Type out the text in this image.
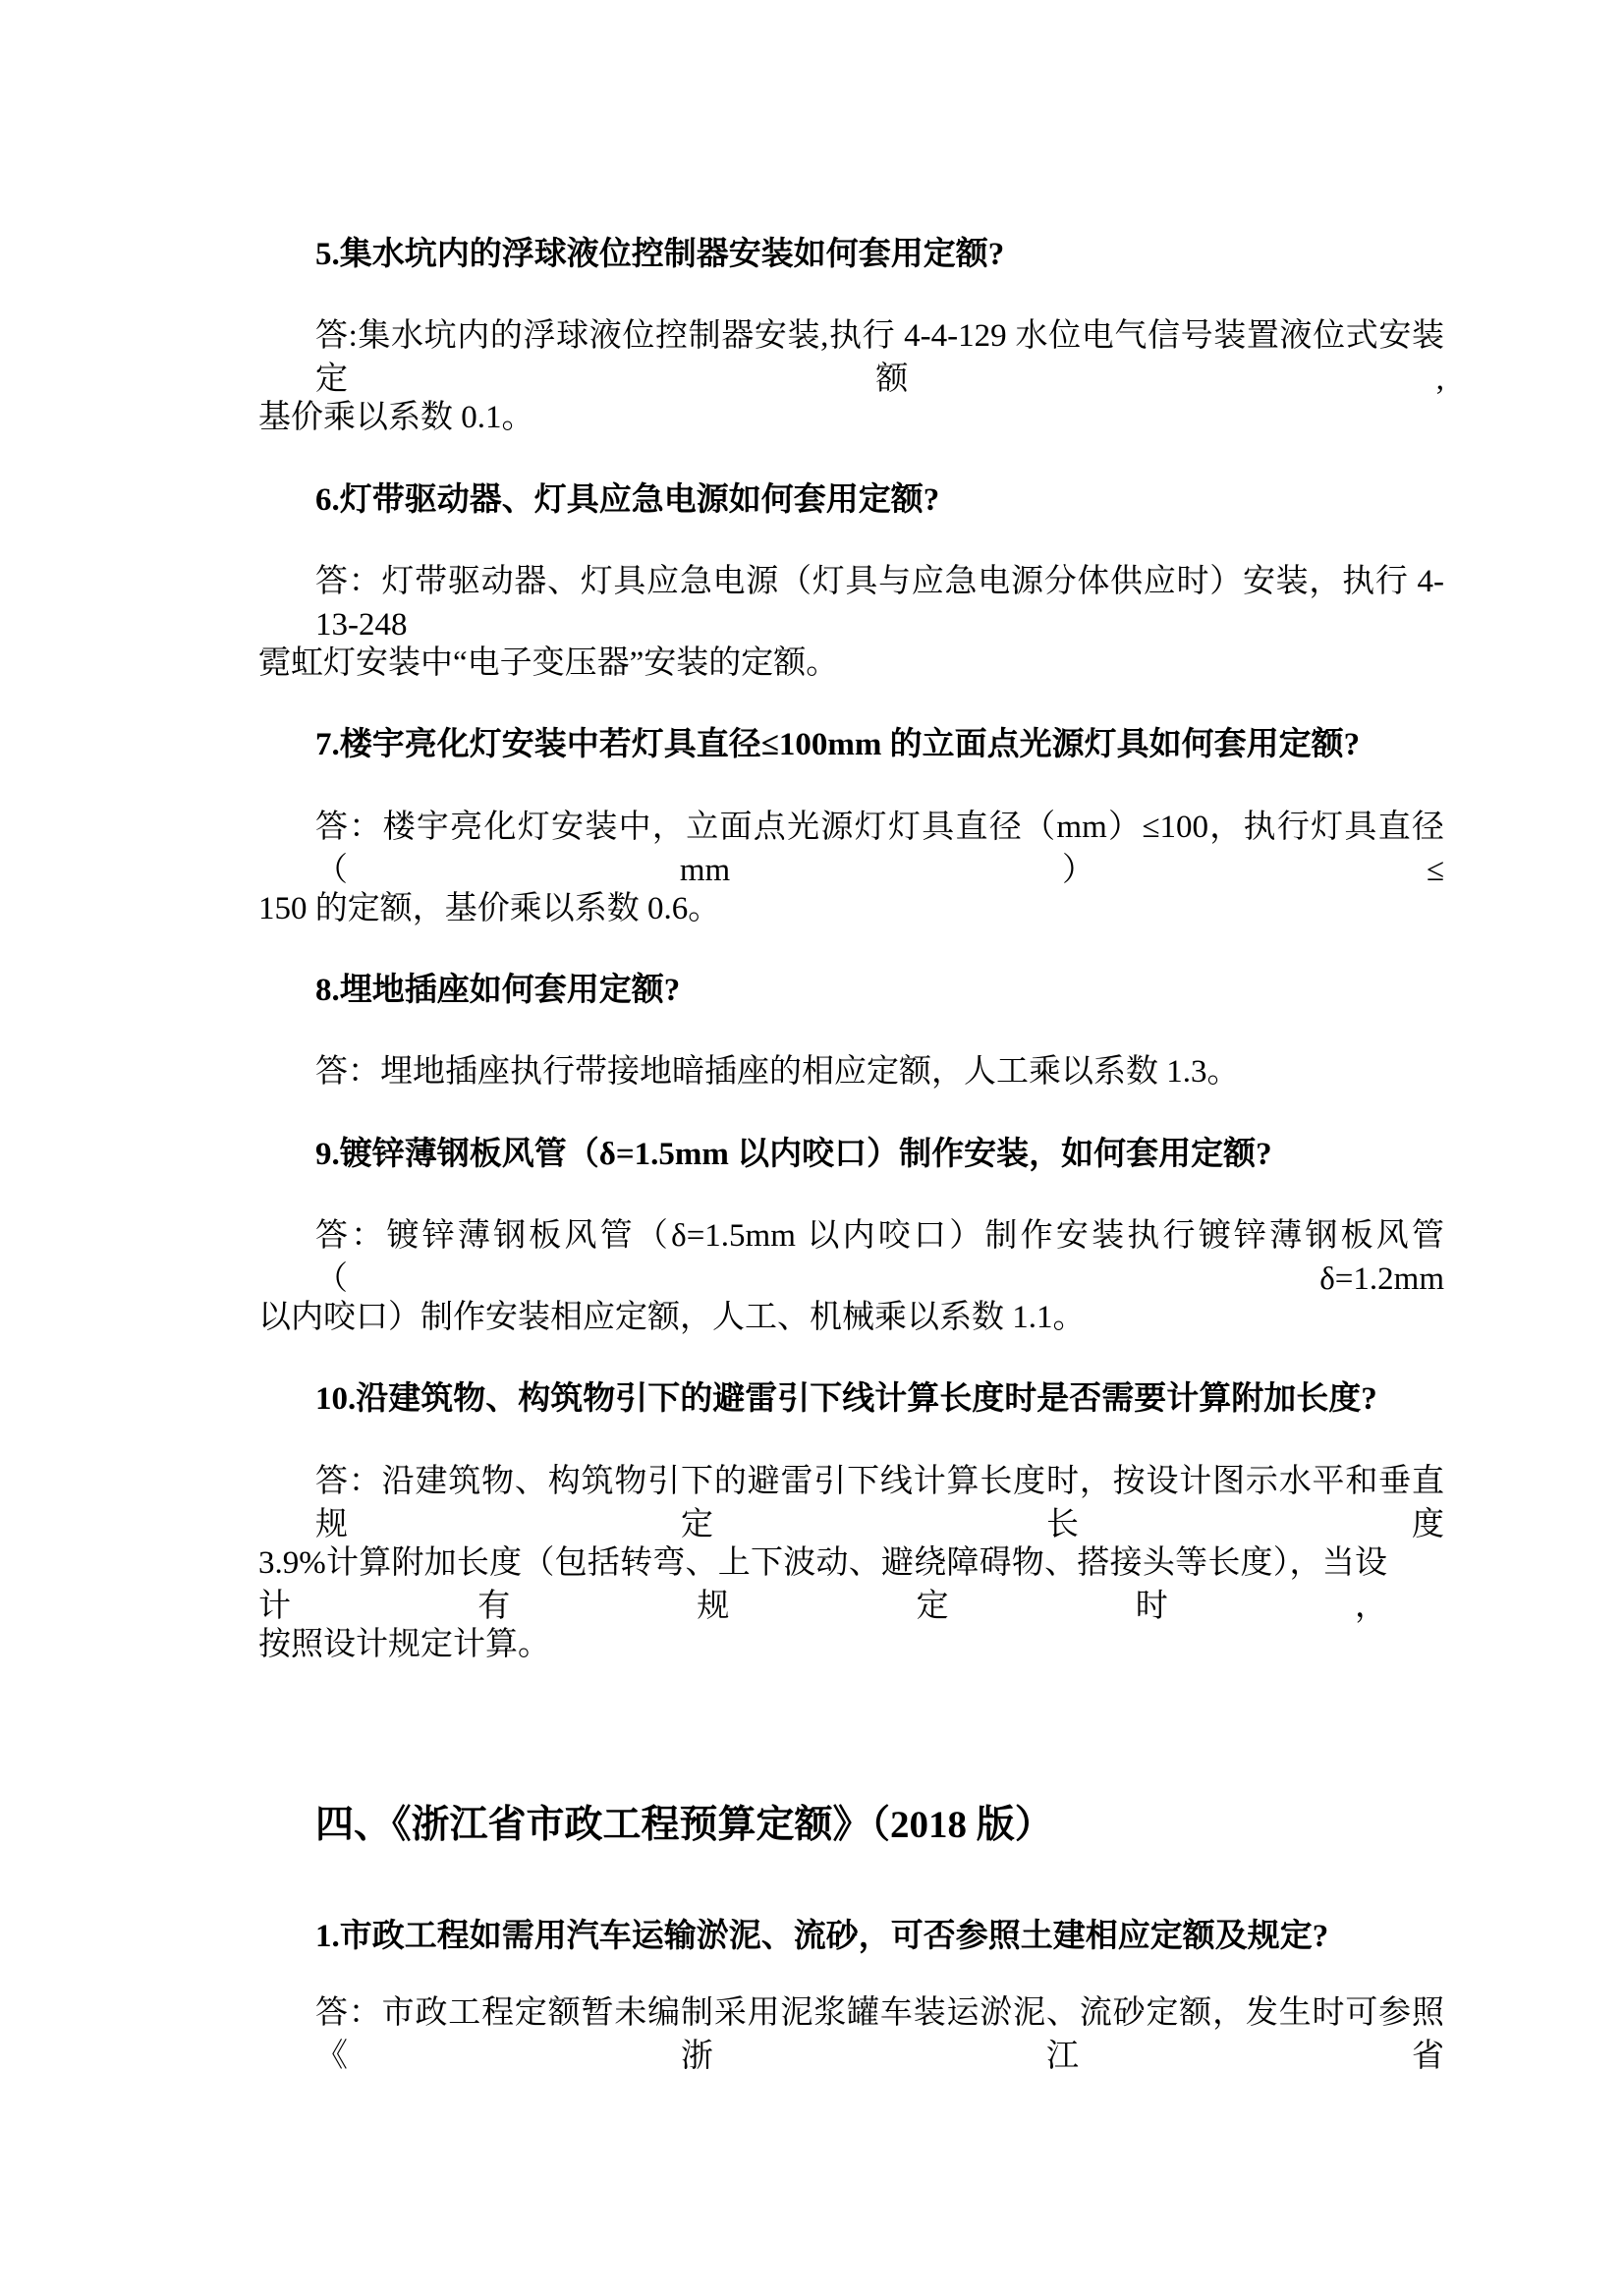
5.集水坑内的浮球液位控制器安装如何套用定额?
答:集水坑内的浮球液位控制器安装,执行 4-4-129 水位电气信号装置液位式安装定额,
基价乘以系数 0.1。
6.灯带驱动器、灯具应急电源如何套用定额?
答：灯带驱动器、灯具应急电源（灯具与应急电源分体供应时）安装，执行 4-13-248
霓虹灯安装中“电子变压器”安装的定额。
7.楼宇亮化灯安装中若灯具直径≤100mm 的立面点光源灯具如何套用定额?
答：楼宇亮化灯安装中，立面点光源灯灯具直径（mm）≤100，执行灯具直径（mm）≤
150 的定额，基价乘以系数 0.6。
8.埋地插座如何套用定额?
答：埋地插座执行带接地暗插座的相应定额，人工乘以系数 1.3。
9.镀锌薄钢板风管（δ=1.5mm 以内咬口）制作安装，如何套用定额?
答：镀锌薄钢板风管（δ=1.5mm 以内咬口）制作安装执行镀锌薄钢板风管（δ=1.2mm
以内咬口）制作安装相应定额，人工、机械乘以系数 1.1。
10.沿建筑物、构筑物引下的避雷引下线计算长度时是否需要计算附加长度?
答：沿建筑物、构筑物引下的避雷引下线计算长度时，按设计图示水平和垂直规定长度
3.9%计算附加长度（包括转弯、上下波动、避绕障碍物、搭接头等长度），当设计有规定时，
按照设计规定计算。
四、《浙江省市政工程预算定额》（2018 版）
1.市政工程如需用汽车运输淤泥、流砂，可否参照土建相应定额及规定?
答：市政工程定额暂未编制采用泥浆罐车装运淤泥、流砂定额，发生时可参照《浙江省
